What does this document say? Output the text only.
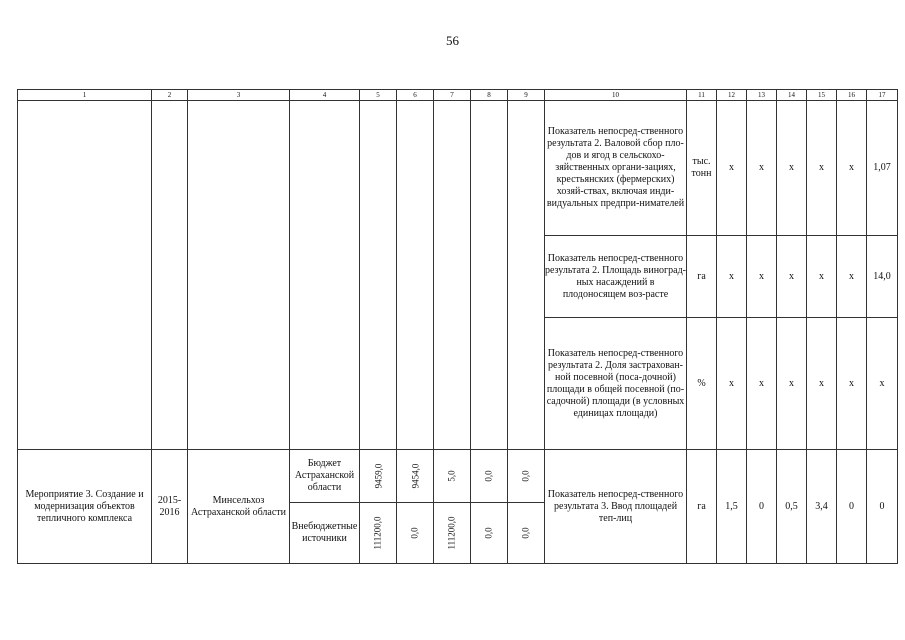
56
1	2	3	4	5	6	7	8	9	10	11	12	13	14	15	16	17
									Показатель непосред-ственного результата 2. Валовой сбор пло-дов и ягод в сельскохо-зяйственных органи-зациях, крестьянских (фермерских) хозяй-ствах, включая инди-видуальных предпри-нимателей	тыс. тонн	х	х	х	х	х	1,07
									Показатель непосред-ственного результата 2. Площадь виноград-ных насаждений в плодоносящем воз-расте	га	х	х	х	х	х	14,0
									Показатель непосред-ственного результата 2. Доля застрахован-ной посевной (поса-дочной) площади в общей посевной (по-садочной) площади (в условных единицах площади)	%	х	х	х	х	х	х
Мероприятие 3. Создание и модернизация объектов тепличного комплекса	2015-2016	Минсельхоз Астраханской области	Бюджет Астраханской области	9459,0	9454,0	5,0	0,0	0,0	Показатель непосред-ственного результата 3. Ввод площадей теп-лиц	га	1,5	0	0,5	3,4	0	0
			Внебюджетные источники	111200,0	0,0	111200,0	0,0	0,0								
